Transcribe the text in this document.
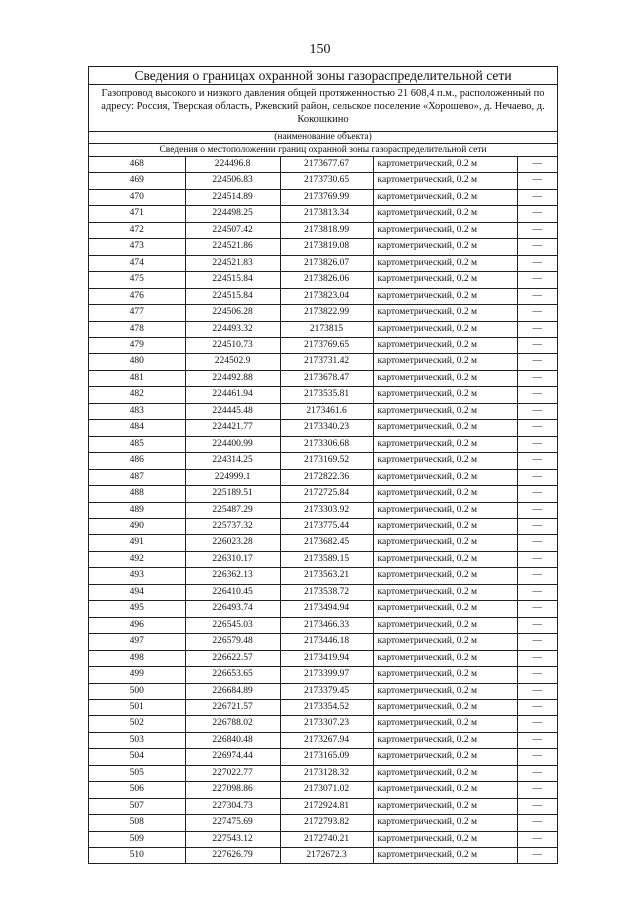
150
Сведения о границах охранной зоны газораспределительной сети
Газопровод высокого и низкого давления общей протяженностью 21 608,4 п.м., расположенный по адресу: Россия, Тверская область, Ржевский район, сельское поселение «Хорошево», д. Нечаево, д. Кокошкино
(наименование объекта)
Сведения о местоположении границ охранной зоны газораспределительной сети
468	224496.8	2173677.67	картометрический, 0.2 м	—
469	224506.83	2173730.65	картометрический, 0.2 м	—
470	224514.89	2173769.99	картометрический, 0.2 м	—
471	224498.25	2173813.34	картометрический, 0.2 м	—
472	224507.42	2173818.99	картометрический, 0.2 м	—
473	224521.86	2173819.08	картометрический, 0.2 м	—
474	224521.83	2173826.07	картометрический, 0.2 м	—
475	224515.84	2173826.06	картометрический, 0.2 м	—
476	224515.84	2173823.04	картометрический, 0.2 м	—
477	224506.28	2173822.99	картометрический, 0.2 м	—
478	224493.32	2173815	картометрический, 0.2 м	—
479	224510.73	2173769.65	картометрический, 0.2 м	—
480	224502.9	2173731.42	картометрический, 0.2 м	—
481	224492.88	2173678.47	картометрический, 0.2 м	—
482	224461.94	2173535.81	картометрический, 0.2 м	—
483	224445.48	2173461.6	картометрический, 0.2 м	—
484	224421.77	2173340.23	картометрический, 0.2 м	—
485	224400.99	2173306.68	картометрический, 0.2 м	—
486	224314.25	2173169.52	картометрический, 0.2 м	—
487	224999.1	2172822.36	картометрический, 0.2 м	—
488	225189.51	2172725.84	картометрический, 0.2 м	—
489	225487.29	2173303.92	картометрический, 0.2 м	—
490	225737.32	2173775.44	картометрический, 0.2 м	—
491	226023.28	2173682.45	картометрический, 0.2 м	—
492	226310.17	2173589.15	картометрический, 0.2 м	—
493	226362.13	2173563.21	картометрический, 0.2 м	—
494	226410.45	2173538.72	картометрический, 0.2 м	—
495	226493.74	2173494.94	картометрический, 0.2 м	—
496	226545.03	2173466.33	картометрический, 0.2 м	—
497	226579.48	2173446.18	картометрический, 0.2 м	—
498	226622.57	2173419.94	картометрический, 0.2 м	—
499	226653.65	2173399.97	картометрический, 0.2 м	—
500	226684.89	2173379.45	картометрический, 0.2 м	—
501	226721.57	2173354.52	картометрический, 0.2 м	—
502	226788.02	2173307.23	картометрический, 0.2 м	—
503	226840.48	2173267.94	картометрический, 0.2 м	—
504	226974.44	2173165.09	картометрический, 0.2 м	—
505	227022.77	2173128.32	картометрический, 0.2 м	—
506	227098.86	2173071.02	картометрический, 0.2 м	—
507	227304.73	2172924.81	картометрический, 0.2 м	—
508	227475.69	2172793.82	картометрический, 0.2 м	—
509	227543.12	2172740.21	картометрический, 0.2 м	—
510	227626.79	2172672.3	картометрический, 0.2 м	—
